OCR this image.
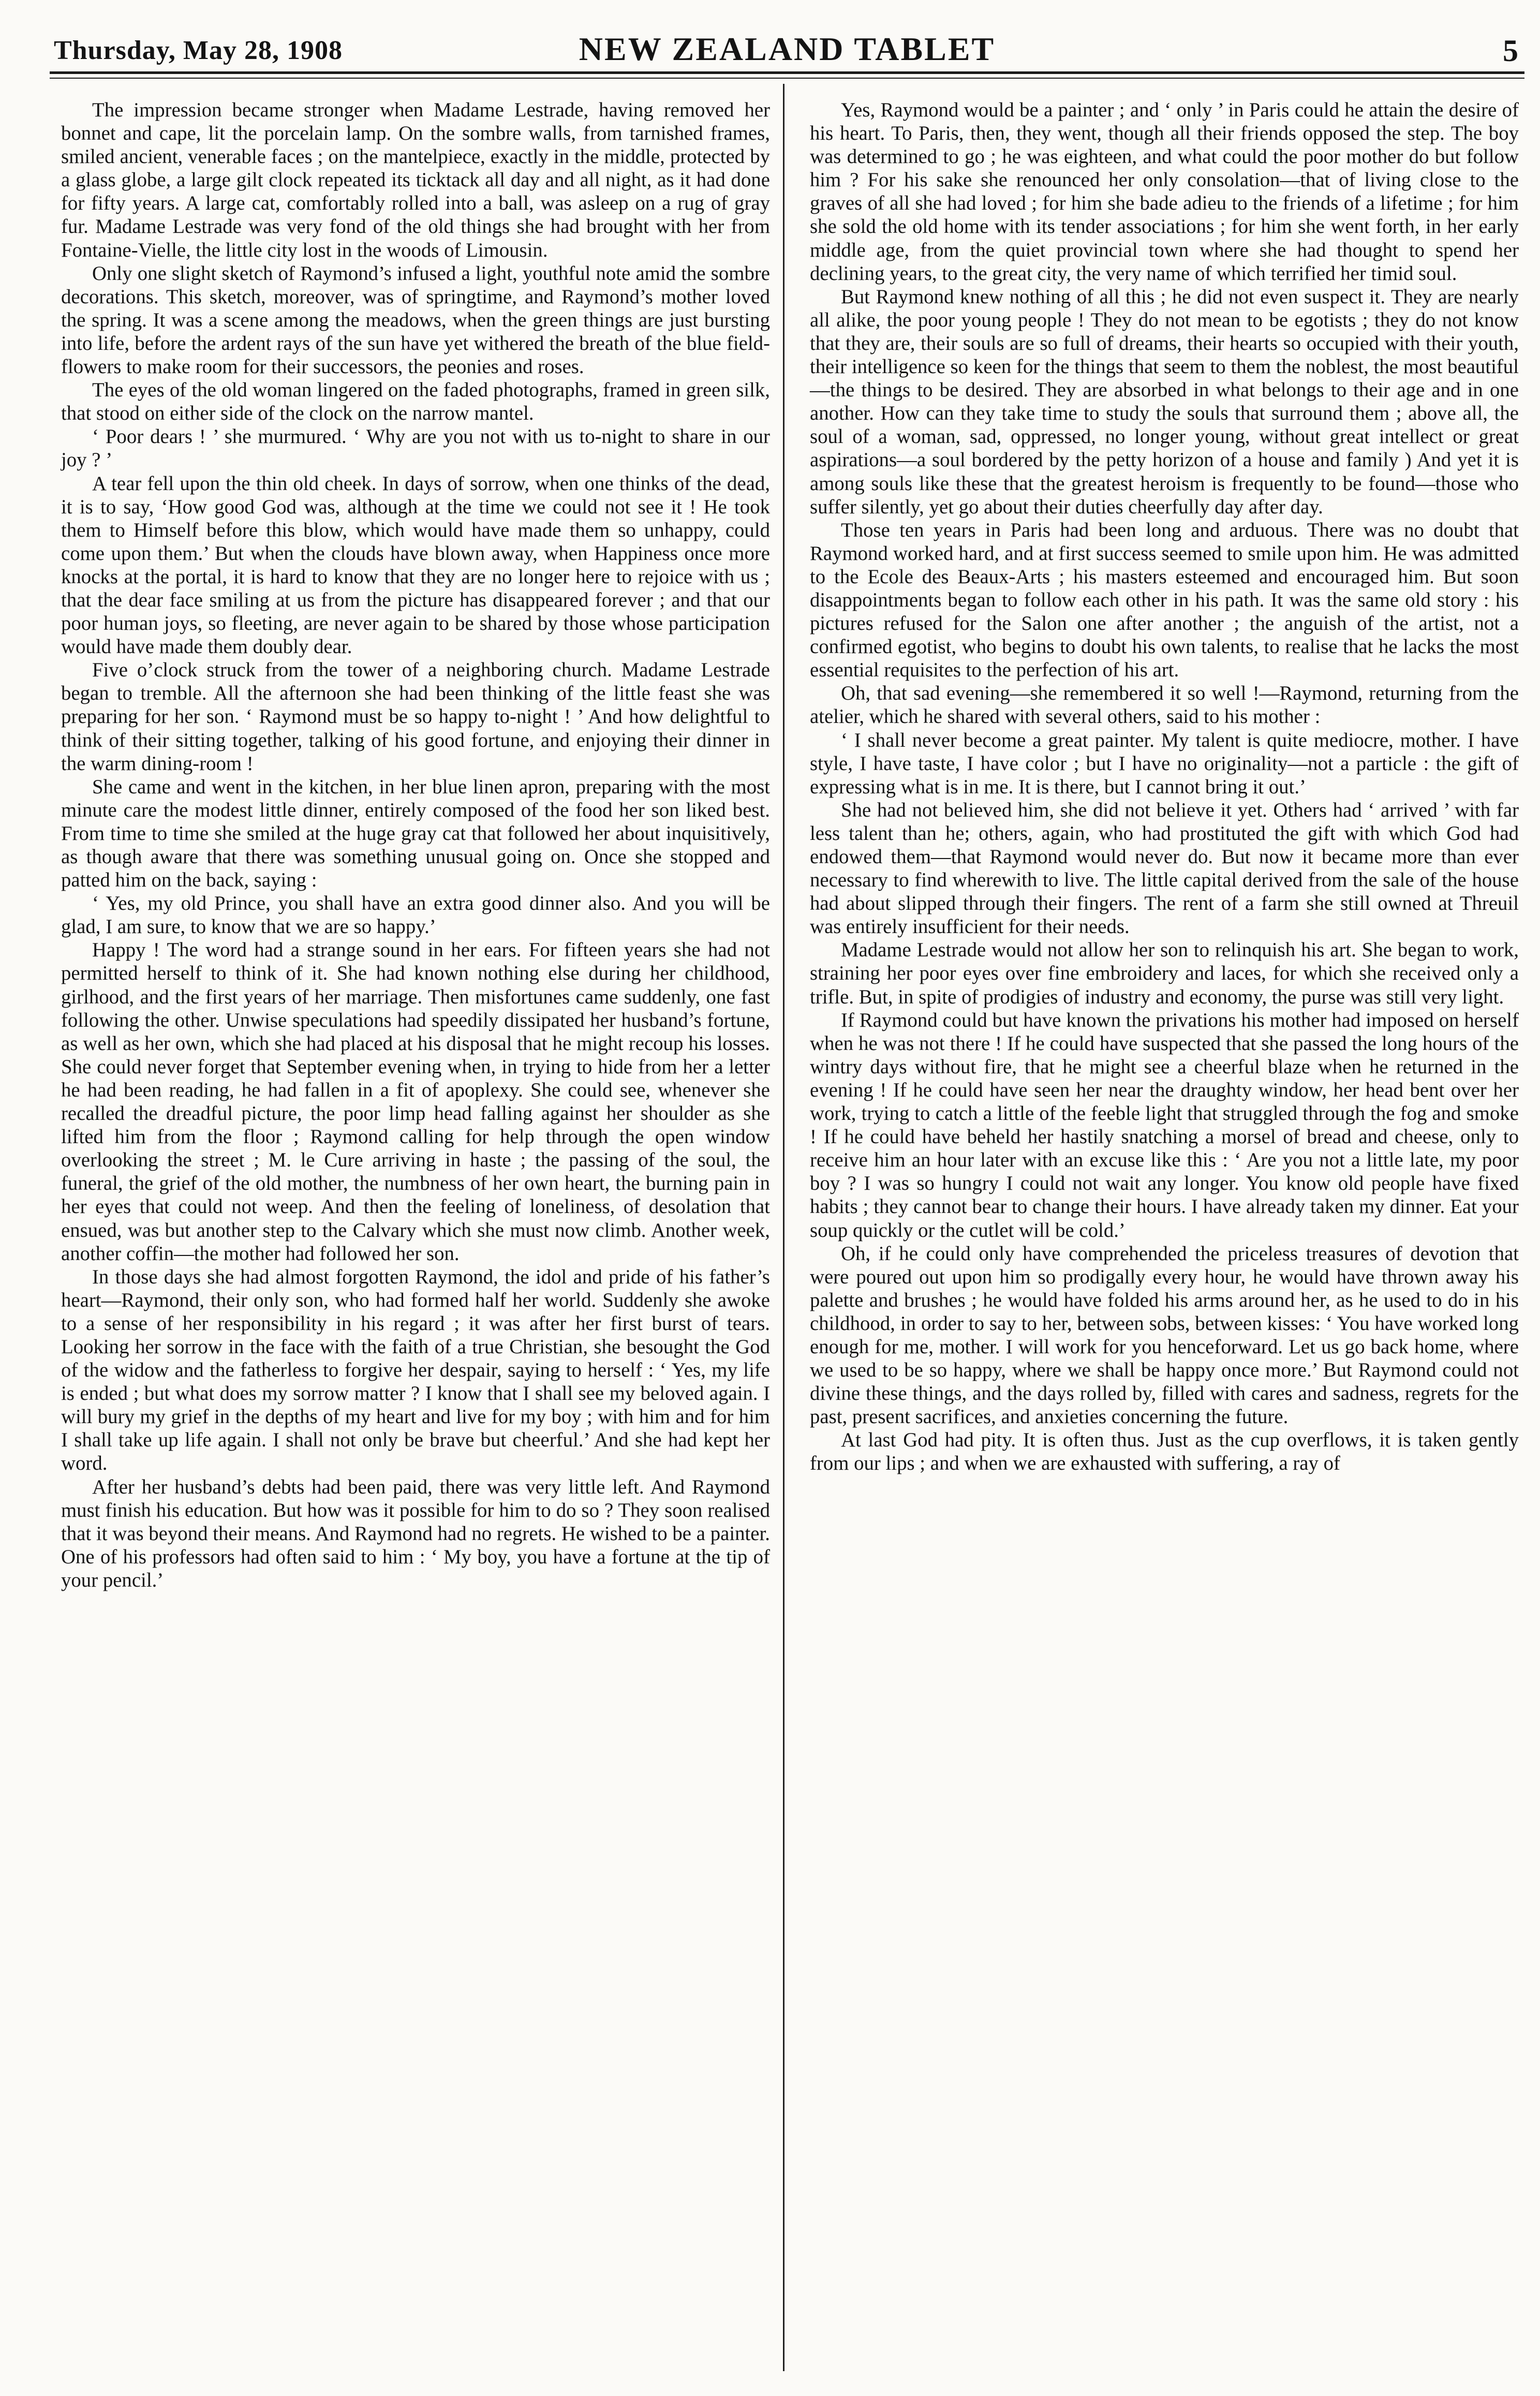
Thursday, May 28, 1908	NEW ZEALAND TABLET	5

The impression became stronger when Madame Lestrade, having removed her bonnet and cape, lit the porcelain lamp. On the sombre walls, from tarnished frames, smiled ancient, venerable faces ; on the mantelpiece, exactly in the middle, protected by a glass globe, a large gilt clock repeated its ticktack all day and all night, as it had done for fifty years. A large cat, comfortably rolled into a ball, was asleep on a rug of gray fur. Madame Lestrade was very fond of the old things she had brought with her from Fontaine-Vielle, the little city lost in the woods of Limousin.

Only one slight sketch of Raymond’s infused a light, youthful note amid the sombre decorations. This sketch, moreover, was of springtime, and Raymond’s mother loved the spring. It was a scene among the meadows, when the green things are just bursting into life, before the ardent rays of the sun have yet withered the breath of the blue field-flowers to make room for their successors, the peonies and roses.

The eyes of the old woman lingered on the faded photographs, framed in green silk, that stood on either side of the clock on the narrow mantel.

‘ Poor dears ! ’ she murmured. ‘ Why are you not with us to-night to share in our joy ? ’

A tear fell upon the thin old cheek. In days of sorrow, when one thinks of the dead, it is to say, ‘How good God was, although at the time we could not see it ! He took them to Himself before this blow, which would have made them so unhappy, could come upon them.’ But when the clouds have blown away, when Happiness once more knocks at the portal, it is hard to know that they are no longer here to rejoice with us ; that the dear face smiling at us from the picture has disappeared forever ; and that our poor human joys, so fleeting, are never again to be shared by those whose participation would have made them doubly dear.

Five o’clock struck from the tower of a neighboring church. Madame Lestrade began to tremble. All the afternoon she had been thinking of the little feast she was preparing for her son. ‘ Raymond must be so happy to-night ! ’ And how delightful to think of their sitting together, talking of his good fortune, and enjoying their dinner in the warm dining-room !

She came and went in the kitchen, in her blue linen apron, preparing with the most minute care the modest little dinner, entirely composed of the food her son liked best. From time to time she smiled at the huge gray cat that followed her about inquisitively, as though aware that there was something unusual going on. Once she stopped and patted him on the back, saying :

‘ Yes, my old Prince, you shall have an extra good dinner also. And you will be glad, I am sure, to know that we are so happy.’

Happy ! The word had a strange sound in her ears. For fifteen years she had not permitted herself to think of it. She had known nothing else during her childhood, girlhood, and the first years of her marriage. Then misfortunes came suddenly, one fast following the other. Unwise speculations had speedily dissipated her husband’s fortune, as well as her own, which she had placed at his disposal that he might recoup his losses. She could never forget that September evening when, in trying to hide from her a letter he had been reading, he had fallen in a fit of apoplexy. She could see, whenever she recalled the dreadful picture, the poor limp head falling against her shoulder as she lifted him from the floor ; Raymond calling for help through the open window overlooking the street ; M. le Cure arriving in haste ; the passing of the soul, the funeral, the grief of the old mother, the numbness of her own heart, the burning pain in her eyes that could not weep. And then the feeling of loneliness, of desolation that ensued, was but another step to the Calvary which she must now climb. Another week, another coffin—the mother had followed her son.

In those days she had almost forgotten Raymond, the idol and pride of his father’s heart—Raymond, their only son, who had formed half her world. Suddenly she awoke to a sense of her responsibility in his regard ; it was after her first burst of tears. Looking her sorrow in the face with the faith of a true Christian, she besought the God of the widow and the fatherless to forgive her despair, saying to herself : ‘ Yes, my life is ended ; but what does my sorrow matter ? I know that I shall see my beloved again. I will bury my grief in the depths of my heart and live for my boy ; with him and for him I shall take up life again. I shall not only be brave but cheerful.’ And she had kept her word.

After her husband’s debts had been paid, there was very little left. And Raymond must finish his education. But how was it possible for him to do so ? They soon realised that it was beyond their means. And Raymond had no regrets. He wished to be a painter. One of his professors had often said to him : ‘ My boy, you have a fortune at the tip of your pencil.’

Yes, Raymond would be a painter ; and ‘ only ’ in Paris could he attain the desire of his heart. To Paris, then, they went, though all their friends opposed the step. The boy was determined to go ; he was eighteen, and what could the poor mother do but follow him ? For his sake she renounced her only consolation—that of living close to the graves of all she had loved ; for him she bade adieu to the friends of a lifetime ; for him she sold the old home with its tender associations ; for him she went forth, in her early middle age, from the quiet provincial town where she had thought to spend her declining years, to the great city, the very name of which terrified her timid soul.

But Raymond knew nothing of all this ; he did not even suspect it. They are nearly all alike, the poor young people ! They do not mean to be egotists ; they do not know that they are, their souls are so full of dreams, their hearts so occupied with their youth, their intelligence so keen for the things that seem to them the noblest, the most beautiful—the things to be desired. They are absorbed in what belongs to their age and in one another. How can they take time to study the souls that surround them ; above all, the soul of a woman, sad, oppressed, no longer young, without great intellect or great aspirations—a soul bordered by the petty horizon of a house and family ) And yet it is among souls like these that the greatest heroism is frequently to be found—those who suffer silently, yet go about their duties cheerfully day after day.

Those ten years in Paris had been long and arduous. There was no doubt that Raymond worked hard, and at first success seemed to smile upon him. He was admitted to the Ecole des Beaux-Arts ; his masters esteemed and encouraged him. But soon disappointments began to follow each other in his path. It was the same old story : his pictures refused for the Salon one after another ; the anguish of the artist, not a confirmed egotist, who begins to doubt his own talents, to realise that he lacks the most essential requisites to the perfection of his art.

Oh, that sad evening—she remembered it so well !—Raymond, returning from the atelier, which he shared with several others, said to his mother :

‘ I shall never become a great painter. My talent is quite mediocre, mother. I have style, I have taste, I have color ; but I have no originality—not a particle : the gift of expressing what is in me. It is there, but I cannot bring it out.’

She had not believed him, she did not believe it yet. Others had ‘ arrived ’ with far less talent than he; others, again, who had prostituted the gift with which God had endowed them—that Raymond would never do. But now it became more than ever necessary to find wherewith to live. The little capital derived from the sale of the house had about slipped through their fingers. The rent of a farm she still owned at Threuil was entirely insufficient for their needs.

Madame Lestrade would not allow her son to relinquish his art. She began to work, straining her poor eyes over fine embroidery and laces, for which she received only a trifle. But, in spite of prodigies of industry and economy, the purse was still very light.

If Raymond could but have known the privations his mother had imposed on herself when he was not there ! If he could have suspected that she passed the long hours of the wintry days without fire, that he might see a cheerful blaze when he returned in the evening ! If he could have seen her near the draughty window, her head bent over her work, trying to catch a little of the feeble light that struggled through the fog and smoke ! If he could have beheld her hastily snatching a morsel of bread and cheese, only to receive him an hour later with an excuse like this : ‘ Are you not a little late, my poor boy ? I was so hungry I could not wait any longer. You know old people have fixed habits ; they cannot bear to change their hours. I have already taken my dinner. Eat your soup quickly or the cutlet will be cold.’

Oh, if he could only have comprehended the priceless treasures of devotion that were poured out upon him so prodigally every hour, he would have thrown away his palette and brushes ; he would have folded his arms around her, as he used to do in his childhood, in order to say to her, between sobs, between kisses: ‘ You have worked long enough for me, mother. I will work for you henceforward. Let us go back home, where we used to be so happy, where we shall be happy once more.’ But Raymond could not divine these things, and the days rolled by, filled with cares and sadness, regrets for the past, present sacrifices, and anxieties concerning the future.

At last God had pity. It is often thus. Just as the cup overflows, it is taken gently from our lips ; and when we are exhausted with suffering, a ray of
